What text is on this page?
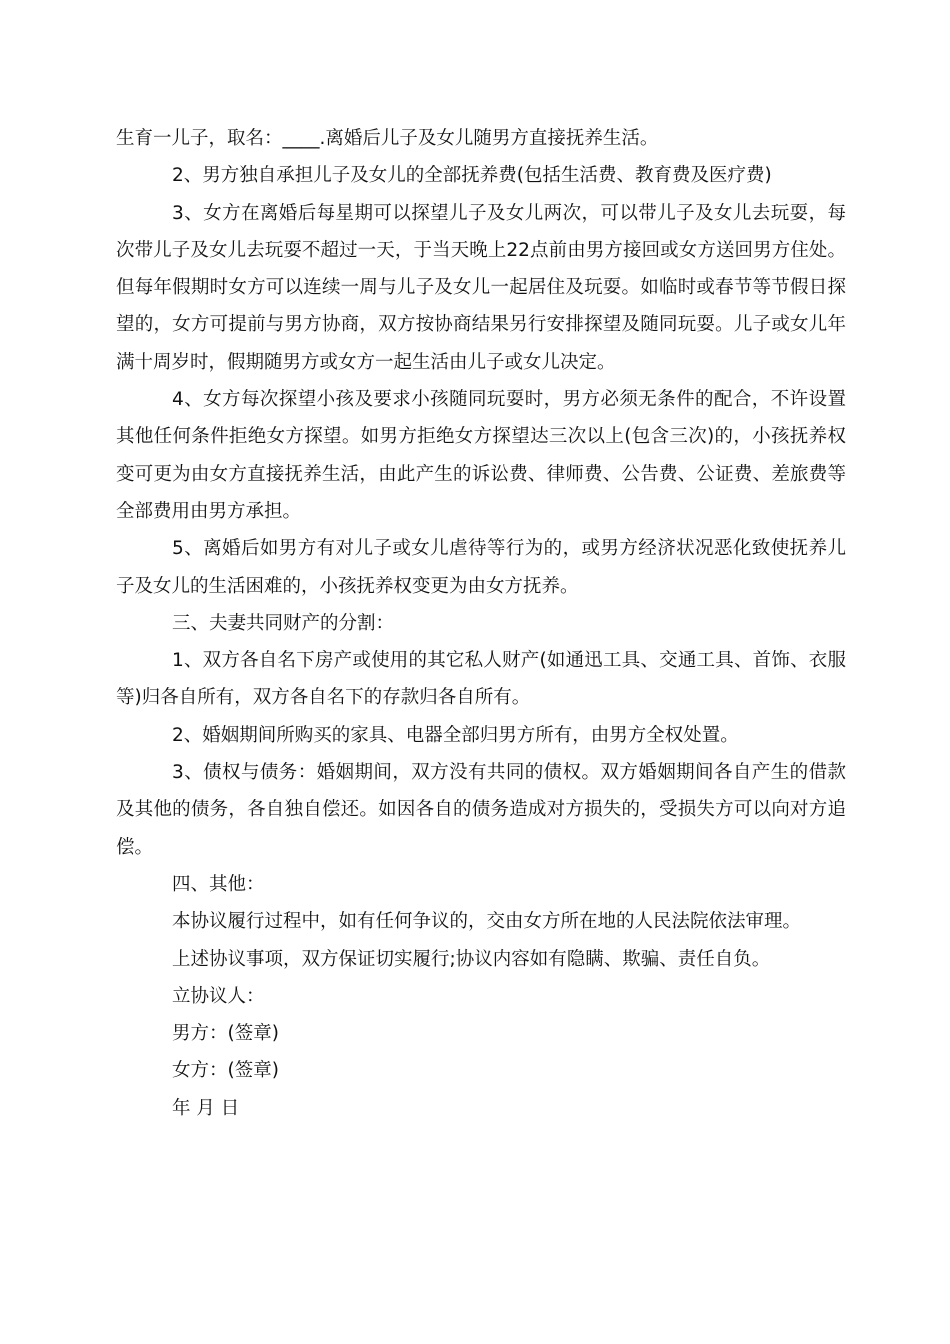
生育一儿子，取名：____.离婚后儿子及女儿随男方直接抚养生活。

2、男方独自承担儿子及女儿的全部抚养费(包括生活费、教育费及医疗费)

3、女方在离婚后每星期可以探望儿子及女儿两次，可以带儿子及女儿去玩耍，每次带儿子及女儿去玩耍不超过一天，于当天晚上22点前由男方接回或女方送回男方住处。但每年假期时女方可以连续一周与儿子及女儿一起居住及玩耍。如临时或春节等节假日探望的，女方可提前与男方协商，双方按协商结果另行安排探望及随同玩耍。儿子或女儿年满十周岁时，假期随男方或女方一起生活由儿子或女儿决定。

4、女方每次探望小孩及要求小孩随同玩耍时，男方必须无条件的配合，不许设置其他任何条件拒绝女方探望。如男方拒绝女方探望达三次以上(包含三次)的，小孩抚养权变可更为由女方直接抚养生活，由此产生的诉讼费、律师费、公告费、公证费、差旅费等全部费用由男方承担。

5、离婚后如男方有对儿子或女儿虐待等行为的，或男方经济状况恶化致使抚养儿子及女儿的生活困难的，小孩抚养权变更为由女方抚养。

三、夫妻共同财产的分割：

1、双方各自名下房产或使用的其它私人财产(如通迅工具、交通工具、首饰、衣服等)归各自所有，双方各自名下的存款归各自所有。

2、婚姻期间所购买的家具、电器全部归男方所有，由男方全权处置。

3、债权与债务：婚姻期间，双方没有共同的债权。双方婚姻期间各自产生的借款及其他的债务，各自独自偿还。如因各自的债务造成对方损失的，受损失方可以向对方追偿。

四、其他：

本协议履行过程中，如有任何争议的，交由女方所在地的人民法院依法审理。

上述协议事项，双方保证切实履行;协议内容如有隐瞒、欺骗、责任自负。

立协议人：

男方：(签章)

女方：(签章)

年 月 日
